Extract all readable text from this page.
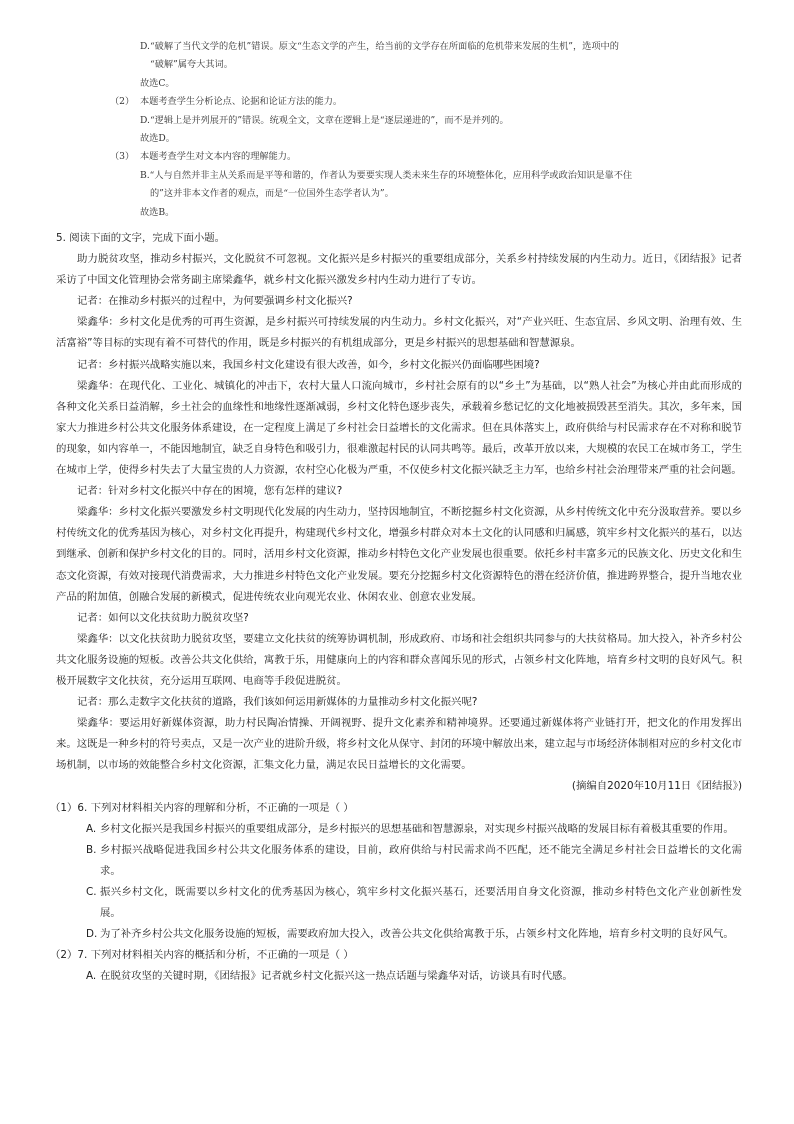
D.“破解了当代文学的危机”错误。原文“生态文学的产生，给当前的文学存在所面临的危机带来发展的生机”，选项中的

“破解”属夸大其词。

故选C。

（2） 本题考查学生分析论点、论据和论证方法的能力。

D.“逻辑上是并列展开的”错误。统观全文，文章在逻辑上是“逐层递进的”，而不是并列的。

故选D。

（3） 本题考查学生对文本内容的理解能力。

B.“人与自然并非主从关系而是平等和谐的，作者认为要要实现人类未来生存的环境整体化，应用科学或政治知识是靠不住

的”这并非本文作者的观点，而是“一位国外生态学者认为”。

故选B。

5. 阅读下面的文字，完成下面小题。

助力脱贫攻坚，推动乡村振兴，文化脱贫不可忽视。文化振兴是乡村振兴的重要组成部分，关系乡村持续发展的内生动力。近日，《团结报》记者采访了中国文化管理协会常务副主席梁鑫华，就乡村文化振兴激发乡村内生动力进行了专访。

记者：在推动乡村振兴的过程中，为何要强调乡村文化振兴?

梁鑫华：乡村文化是优秀的可再生资源，是乡村振兴可持续发展的内生动力。乡村文化振兴，对“产业兴旺、生态宜居、乡风文明、治理有效、生活富裕”等目标的实现有着不可替代的作用，既是乡村振兴的有机组成部分，更是乡村振兴的思想基础和智慧源泉。

记者：乡村振兴战略实施以来，我国乡村文化建设有很大改善，如今，乡村文化振兴仍面临哪些困境?

梁鑫华：在现代化、工业化、城镇化的冲击下，农村大量人口流向城市，乡村社会原有的以“乡土”为基础，以“熟人社会”为核心并由此而形成的各种文化关系日益消解，乡土社会的血缘性和地缘性逐渐减弱，乡村文化特色逐步丧失，承载着乡愁记忆的文化地被损毁甚至消失。其次，多年来，国家大力推进乡村公共文化服务体系建设，在一定程度上满足了乡村社会日益增长的文化需求。但在具体落实上，政府供给与村民需求存在不对称和脱节的现象，如内容单一，不能因地制宜，缺乏自身特色和吸引力，很难激起村民的认同共鸣等。最后，改革开放以来，大规模的农民工在城市务工，学生在城市上学，使得乡村失去了大量宝贵的人力资源，农村空心化极为严重，不仅使乡村文化振兴缺乏主力军，也给乡村社会治理带来严重的社会问题。

记者：针对乡村文化振兴中存在的困境，您有怎样的建议?

梁鑫华：乡村文化振兴要激发乡村文明现代化发展的内生动力，坚持因地制宜，不断挖掘乡村文化资源，从乡村传统文化中充分汲取营养。要以乡村传统文化的优秀基因为核心，对乡村文化再提升，构建现代乡村文化，增强乡村群众对本土文化的认同感和归属感，筑牢乡村文化振兴的基石，以达到继承、创新和保护乡村文化的目的。同时，活用乡村文化资源，推动乡村特色文化产业发展也很重要。依托乡村丰富多元的民族文化、历史文化和生态文化资源，有效对接现代消费需求，大力推进乡村特色文化产业发展。要充分挖掘乡村文化资源特色的潜在经济价值，推进跨界整合，提升当地农业产品的附加值，创融合发展的新模式，促进传统农业向观光农业、休闲农业、创意农业发展。

记者：如何以文化扶贫助力脱贫攻坚?

梁鑫华：以文化扶贫助力脱贫攻坚，要建立文化扶贫的统筹协调机制，形成政府、市场和社会组织共同参与的大扶贫格局。加大投入，补齐乡村公共文化服务设施的短板。改善公共文化供给，寓教于乐，用健康向上的内容和群众喜闻乐见的形式，占领乡村文化阵地，培育乡村文明的良好风气。积极开展数字文化扶贫，充分运用互联网、电商等手段促进脱贫。

记者：那么走数字文化扶贫的道路，我们该如何运用新媒体的力量推动乡村文化振兴呢?

梁鑫华：要运用好新媒体资源，助力村民陶冶情操、开阔视野、提升文化素养和精神境界。还要通过新媒体将产业链打开，把文化的作用发挥出来。这既是一种乡村的符号卖点，又是一次产业的进阶升级，将乡村文化从保守、封闭的环境中解放出来，建立起与市场经济体制相对应的乡村文化市场机制，以市场的效能整合乡村文化资源，汇集文化力量，满足农民日益增长的文化需要。

(摘编自2020年10月11日《团结报》)

（1）6. 下列对材料相关内容的理解和分析，不正确的一项是（ ）

A. 乡村文化振兴是我国乡村振兴的重要组成部分，是乡村振兴的思想基础和智慧源泉，对实现乡村振兴战略的发展目标有着极其重要的作用。
B. 乡村振兴战略促进我国乡村公共文化服务体系的建设，目前，政府供给与村民需求尚不匹配，还不能完全满足乡村社会日益增长的文化需求。
C. 振兴乡村文化，既需要以乡村文化的优秀基因为核心，筑牢乡村文化振兴基石，还要活用自身文化资源，推动乡村特色文化产业创新性发展。
D. 为了补齐乡村公共文化服务设施的短板，需要政府加大投入，改善公共文化供给寓教于乐，占领乡村文化阵地，培育乡村文明的良好风气。

（2）7. 下列对材料相关内容的概括和分析，不正确的一项是（ ）

A. 在脱贫攻坚的关键时期，《团结报》记者就乡村文化振兴这一热点话题与梁鑫华对话，访谈具有时代感。
